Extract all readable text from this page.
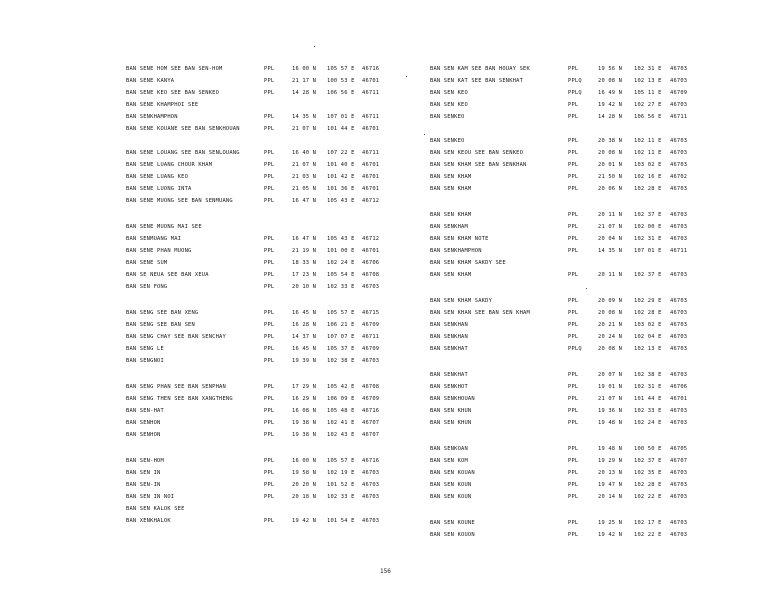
BAN SENE HOM SEE BAN SEN-HOM	PPL	16 00 N 105 57 E 46716
BAN SENE KANYA	PPL	21 17 N 100 53 E 46701
BAN SENE KEO SEE BAN SENKEO	PPL	14 28 N 106 56 E 46711
BAN SENE KHAMPHOI SEE
BAN SENKHAMPHON	PPL	14 35 N 107 01 E 46711
BAN SENE KOUANE SEE BAN SENKHOUAN	PPL	21 07 N 101 44 E 46701
BAN SENE LOUANG SEE BAN SENLOUANG	PPL	16 40 N 107 22 E 46711
BAN SENE LUANG CHOUR KHAM	PPL	21 07 N 101 40 E 46701
BAN SENE LUANG KEO	PPL	21 03 N 101 42 E 46701
BAN SENE LUONG INTA	PPL	21 05 N 101 36 E 46701
BAN SENE MUONG SEE BAN SENMUANG	PPL	16 47 N 105 43 E 46712
BAN SENE MUONG MAI SEE
BAN SENMUANG MAI	PPL	16 47 N 105 43 E 46712
BAN SENE PHAN MUONG	PPL	21 19 N 101 00 E 46701
BAN SENE SUM	PPL	18 33 N 102 24 E 46706
BAN SE NEUA SEE BAN XEUA	PPL	17 23 N 105 54 E 46708
BAN SEN FONG	PPL	20 10 N 102 33 E 46703
BAN SENG SEE BAN XENG	PPL	16 45 N 105 57 E 46715
BAN SENG SEE BAN SEN	PPL	16 28 N 106 21 E 46709
BAN SENG CHAY SEE BAN SENCHAY	PPL	14 37 N 107 07 E 46711
BAN SENG LE	PPL	16 45 N 105 37 E 46709
BAN SENGNOI	PPL	19 39 N 102 38 E 46703
BAN SENG PHAN SEE BAN SENPHAN	PPL	17 29 N 105 42 E 46708
BAN SENG THEN SEE BAN XANGTHENG	PPL	16 29 N 106 09 E 46709
BAN SEN-HAT	PPL	16 08 N 105 48 E 46716
BAN SENHON	PPL	19 38 N 102 41 E 46707
BAN SENHON	PPL	19 38 N 102 43 E 46707
BAN SEN-HOM	PPL	16 00 N 105 57 E 46716
BAN SEN IN	PPL	19 58 N 102 19 E 46703
BAN SEN-IN	PPL	20 20 N 101 52 E 46703
BAN SEN IN NOI	PPL	20 18 N 102 33 E 46703
BAN SEN KALOK SEE
BAN XENKHALOK	PPL	19 42 N 101 54 E 46703
BAN SEN KAM SEE BAN HOUAY SEK	PPL	19 56 N 102 31 E 46703
BAN SEN KAT SEE BAN SENKHAT	PPLQ	20 08 N 102 13 E 46703
BAN SEN KEO	PPLQ	16 49 N 105 11 E 46709
BAN SEN KEO	PPL	19 42 N 102 27 E 46703
BAN SENKEO	PPL	14 28 N 106 56 E 46711
BAN SENKEO	PPL	20 38 N 102 11 E 46703
BAN SEN KEOU SEE BAN SENKEO	PPL	20 08 N 102 11 E 46703
BAN SEN KHAM SEE BAN SENKHAN	PPL	20 01 N 103 02 E 46703
BAN SEN KHAM	PPL	21 50 N 102 16 E 46702
BAN SEN KHAM	PPL	20 06 N 102 28 E 46703
BAN SEN KHAM	PPL	20 11 N 102 37 E 46703
BAN SENKHAM	PPL	21 07 N 102 00 E 46703
BAN SEN KHAM NOTE	PPL	20 04 N 102 31 E 46703
BAN SENKHAMPHON	PPL	14 35 N 107 01 E 46711
BAN SEN KHAM SAKDY SEE
BAN SEN KHAM	PPL	20 11 N 102 37 E 46703
BAN SEN KHAM SAKDY	PPL	20 09 N 102 29 E 46703
BAN SEN KHAN SEE BAN SEN KHAM	PPL	20 08 N 102 28 E 46703
BAN SENKHAN	PPL	20 21 N 103 02 E 46703
BAN SENKHAN	PPL	20 24 N 102 04 E 46703
BAN SENKHAT	PPLQ	20 08 N 102 13 E 46703
BAN SENKHAT	PPL	20 07 N 102 38 E 46703
BAN SENKHOT	PPL	19 01 N 102 31 E 46706
BAN SENKHOUAN	PPL	21 07 N 101 44 E 46701
BAN SEN KHUN	PPL	19 36 N 102 33 E 46703
BAN SEN KHUN	PPL	19 48 N 102 24 E 46703
BAN SENKOAN	PPL	19 48 N 100 50 E 46705
BAN SEN KOM	PPL	19 29 N 102 37 E 46707
BAN SEN KOUAN	PPL	20 13 N 102 35 E 46703
BAN SEN KOUN	PPL	19 47 N 102 28 E 46703
BAN SEN KOUN	PPL	20 14 N 102 22 E 46703
BAN SEN KOUNE	PPL	19 25 N 102 17 E 46703
BAN SEN KOUON	PPL	19 42 N 102 22 E 46703
156
